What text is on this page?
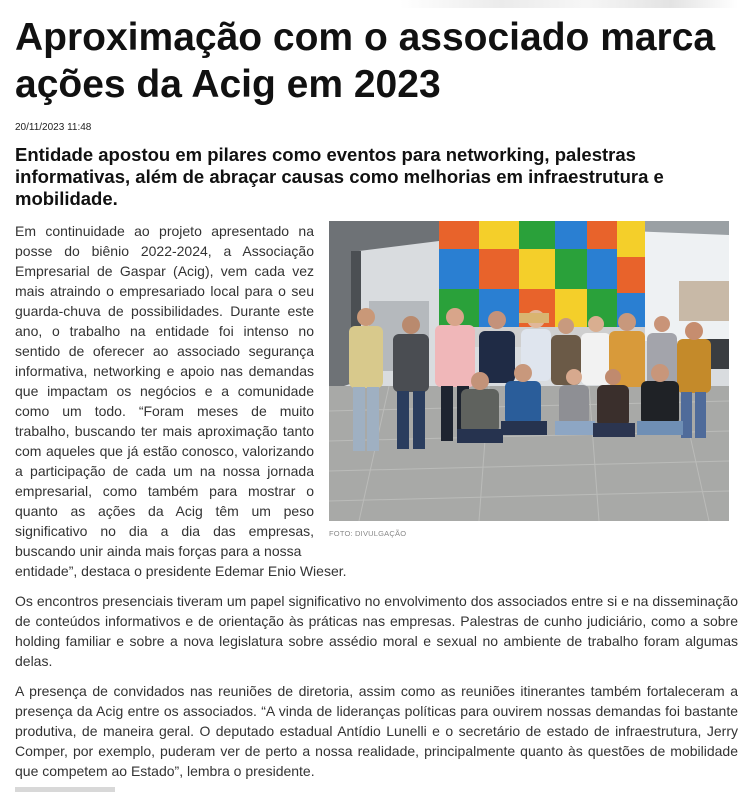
Aproximação com o associado marca ações da Acig em 2023
20/11/2023 11:48
Entidade apostou em pilares como eventos para networking, palestras informativas, além de abraçar causas como melhorias em infraestrutura e mobilidade.

Em continuidade ao projeto apresentado na posse do biênio 2022-2024, a Associação Empresarial de Gaspar (Acig), vem cada vez mais atraindo o empresariado local para o seu guarda-chuva de possibilidades. Durante este ano, o trabalho na entidade foi intenso no sentido de oferecer ao associado segurança informativa, networking e apoio nas demandas que impactam os negócios e a comunidade como um todo. “Foram meses de muito trabalho, buscando ter mais aproximação tanto com aqueles que já estão conosco, valorizando a participação de cada um na nossa jornada empresarial, como também para mostrar o quanto as ações da Acig têm um peso significativo no dia a dia das empresas, buscando unir ainda mais forças para a nossa

entidade”, destaca o presidente Edemar Enio Wieser.

FOTO: DIVULGAÇÃO

Os encontros presenciais tiveram um papel significativo no envolvimento dos associados entre si e na disseminação de conteúdos informativos e de orientação às práticas nas empresas. Palestras de cunho judiciário, como a sobre holding familiar e sobre a nova legislatura sobre assédio moral e sexual no ambiente de trabalho foram algumas delas.

A presença de convidados nas reuniões de diretoria, assim como as reuniões itinerantes também fortaleceram a presença da Acig entre os associados. “A vinda de lideranças políticas para ouvirem nossas demandas foi bastante produtiva, de maneira geral. O deputado estadual Antídio Lunelli e o secretário de estado de infraestrutura, Jerry Comper, por exemplo, puderam ver de perto a nossa realidade, principalmente quanto às questões de mobilidade que competem ao Estado”, lembra o presidente.
